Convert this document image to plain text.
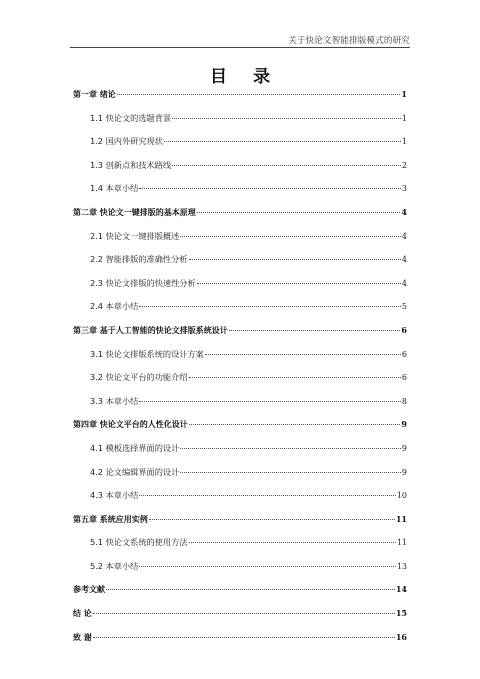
关于快论文智能排版模式的研究
目 录
第一章 绪论	1
1.1 快论文的选题背景	1
1.2 国内外研究现状	1
1.3 创新点和技术路线	2
1.4 本章小结	3
第二章 快论文一键排版的基本原理	4
2.1 快论文一键排版概述	4
2.2 智能排版的准确性分析	4
2.3 快论文排版的快速性分析	4
2.4 本章小结	5
第三章 基于人工智能的快论文排版系统设计	6
3.1 快论文排版系统的设计方案	6
3.2 快论文平台的功能介绍	6
3.3 本章小结	8
第四章 快论文平台的人性化设计	9
4.1 模板选择界面的设计	9
4.2 论文编辑界面的设计	9
4.3 本章小结	10
第五章 系统应用实例	11
5.1 快论文系统的使用方法	11
5.2 本章小结	13
参考文献	14
结 论	15
致 谢	16
